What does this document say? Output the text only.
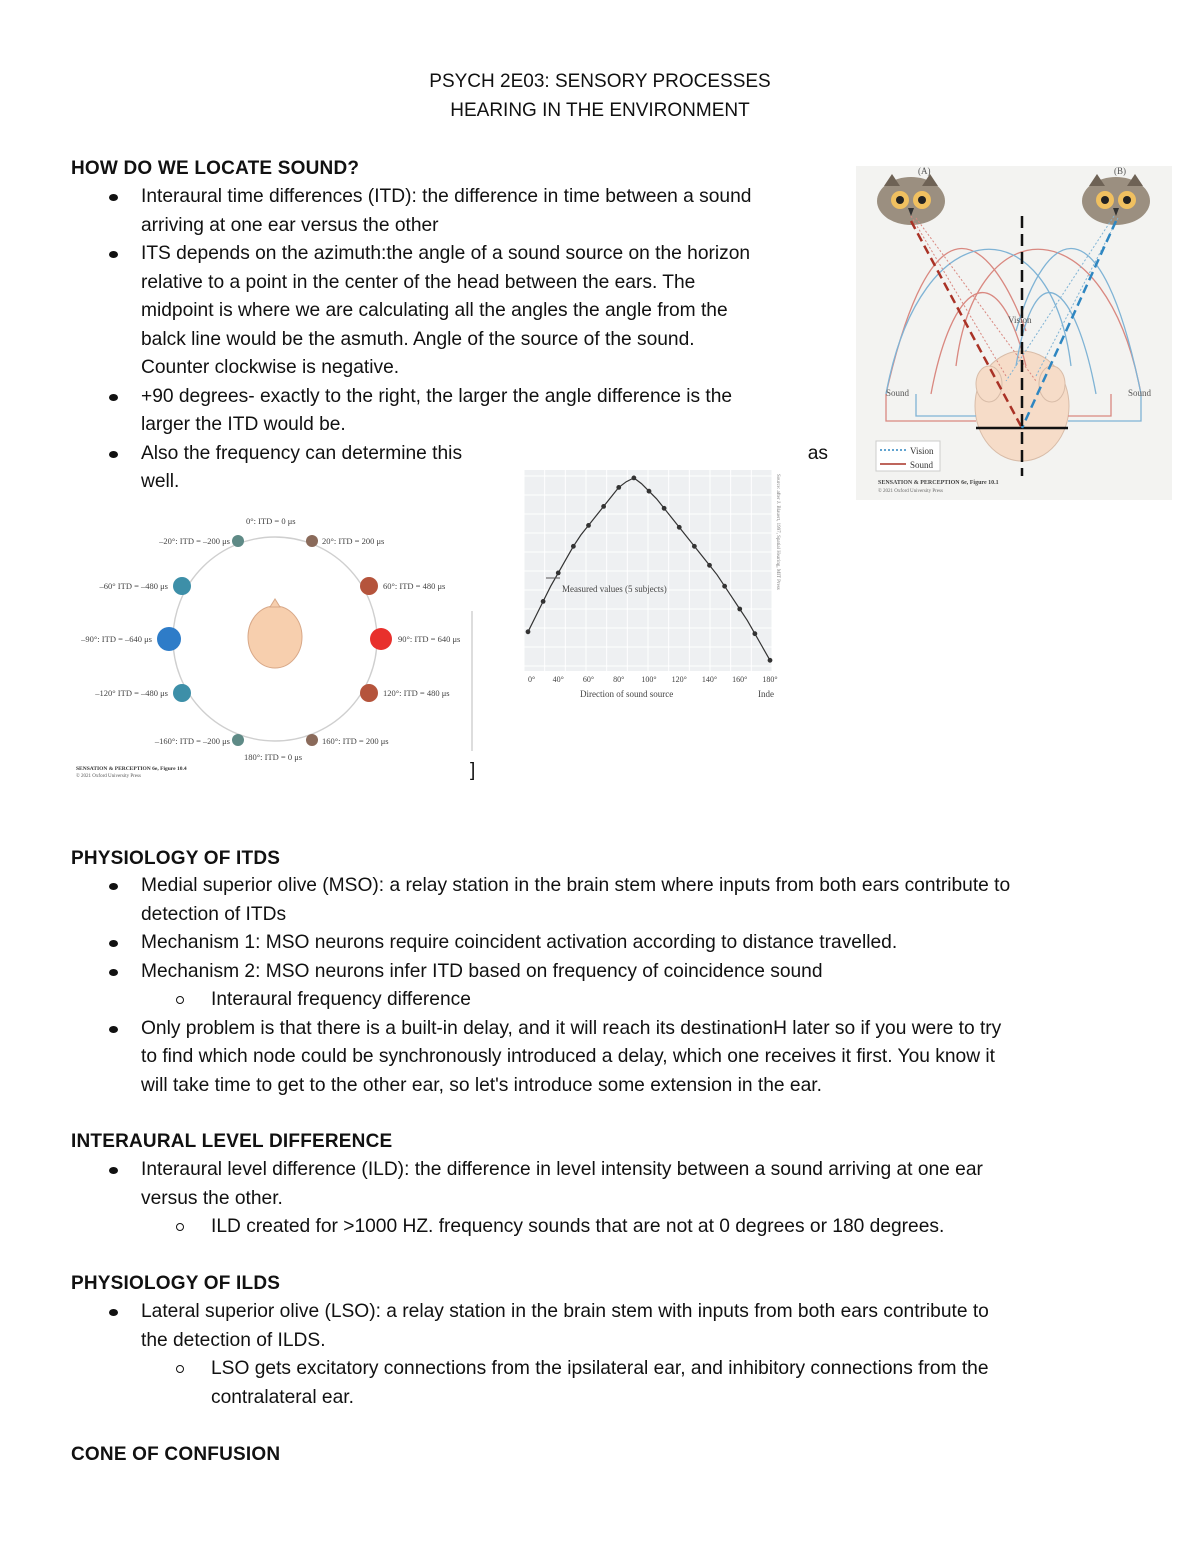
PSYCH 2E03: SENSORY PROCESSES
HEARING IN THE ENVIRONMENT
HOW DO WE LOCATE SOUND?
Interaural time differences (ITD): the difference in time between a sound
arriving at one ear versus the other
ITS depends on the azimuth:the angle of a sound source on the horizon
relative to a point in the center of the head between the ears. The
midpoint is where we are calculating all the angles the angle from the
balck line would be the asmuth. Angle of the source of the sound.
Counter clockwise is negative.
+90 degrees- exactly to the right, the larger the angle difference is the
larger the ITD would be.
Also the frequency can determine this	as
well.
(A)	(B)
Vision
Sound	Sound
Vision
Sound
SENSATION & PERCEPTION 6e, Figure 10.1
© 2021 Oxford University Press
0°: ITD = 0 μs
20°: ITD = 200 μs
60°: ITD = 480 μs
90°: ITD = 640 μs
120°: ITD = 480 μs
160°: ITD = 200 μs
180°: ITD = 0 μs
–160°: ITD = –200 μs
–120° ITD = –480 μs
–90°: ITD = –640 μs
–60° ITD = –480 μs
–20°: ITD = –200 μs
SENSATION & PERCEPTION 6e, Figure 10.4
© 2021 Oxford University Press	]
0° 40° 60° 80° 100° 120° 140° 160° 180°
Measured values (5 subjects)
Direction of sound source	Inde
Source: after J. Blauert, 1997, Spatial Hearing, MIT Press
PHYSIOLOGY OF ITDS
Medial superior olive (MSO): a relay station in the brain stem where inputs from both ears contribute to
detection of ITDs
Mechanism 1: MSO neurons require coincident activation according to distance travelled.
Mechanism 2: MSO neurons infer ITD based on frequency of coincidence sound
Interaural frequency difference
Only problem is that there is a built-in delay, and it will reach its destinationH later so if you were to try
to find which node could be synchronously introduced a delay, which one receives it first. You know it
will take time to get to the other ear, so let's introduce some extension in the ear.
INTERAURAL LEVEL DIFFERENCE
Interaural level difference (ILD): the difference in level intensity between a sound arriving at one ear
versus the other.
ILD created for >1000 HZ. frequency sounds that are not at 0 degrees or 180 degrees.
PHYSIOLOGY OF ILDS
Lateral superior olive (LSO): a relay station in the brain stem with inputs from both ears contribute to
the detection of ILDS.
LSO gets excitatory connections from the ipsilateral ear, and inhibitory connections from the
contralateral ear.
CONE OF CONFUSION
